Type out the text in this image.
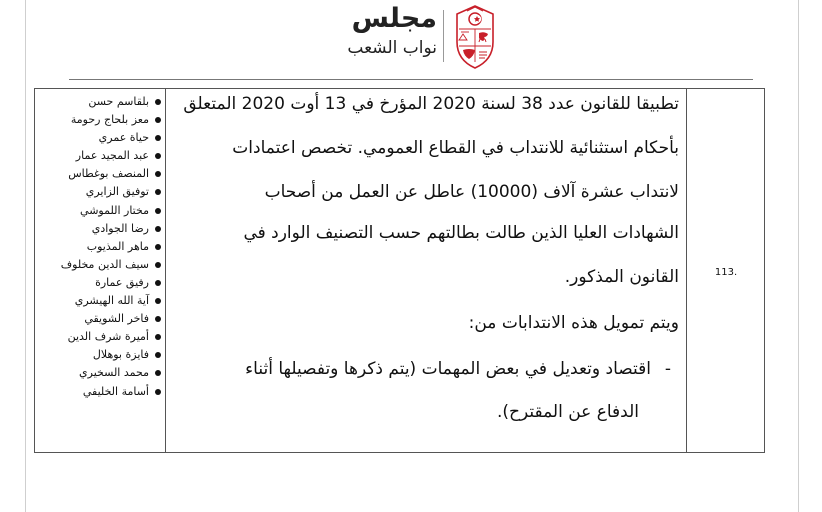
مجلس
نواب الشعب
بلقاسم حسن
معز بلحاج رحومة
حياة عمري
عبد المجيد عمار
المنصف بوغطاس
توفيق الزايري
مختار اللموشي
رضا الجوادي
ماهر المذيوب
سيف الدين مخلوف
رفيق عمارة
آية الله الهيشري
فاخر الشويقي
أميرة شرف الدين
فايزة بوهلال
محمد السخيري
أسامة الخليفي
تطبيقا للقانون عدد 38 لسنة 2020 المؤرخ في 13 أوت 2020 المتعلق
بأحكام استثنائية للانتداب في القطاع العمومي. تخصص اعتمادات
لانتداب عشرة آلاف (10000) عاطل عن العمل من أصحاب
الشهادات العليا الذين طالت بطالتهم حسب التصنيف الوارد في
القانون المذكور.
ويتم تمويل هذه الانتدابات من:
-
اقتصاد وتعديل في بعض المهمات (يتم ذكرها وتفصيلها أثناء
الدفاع عن المقترح).
113.
